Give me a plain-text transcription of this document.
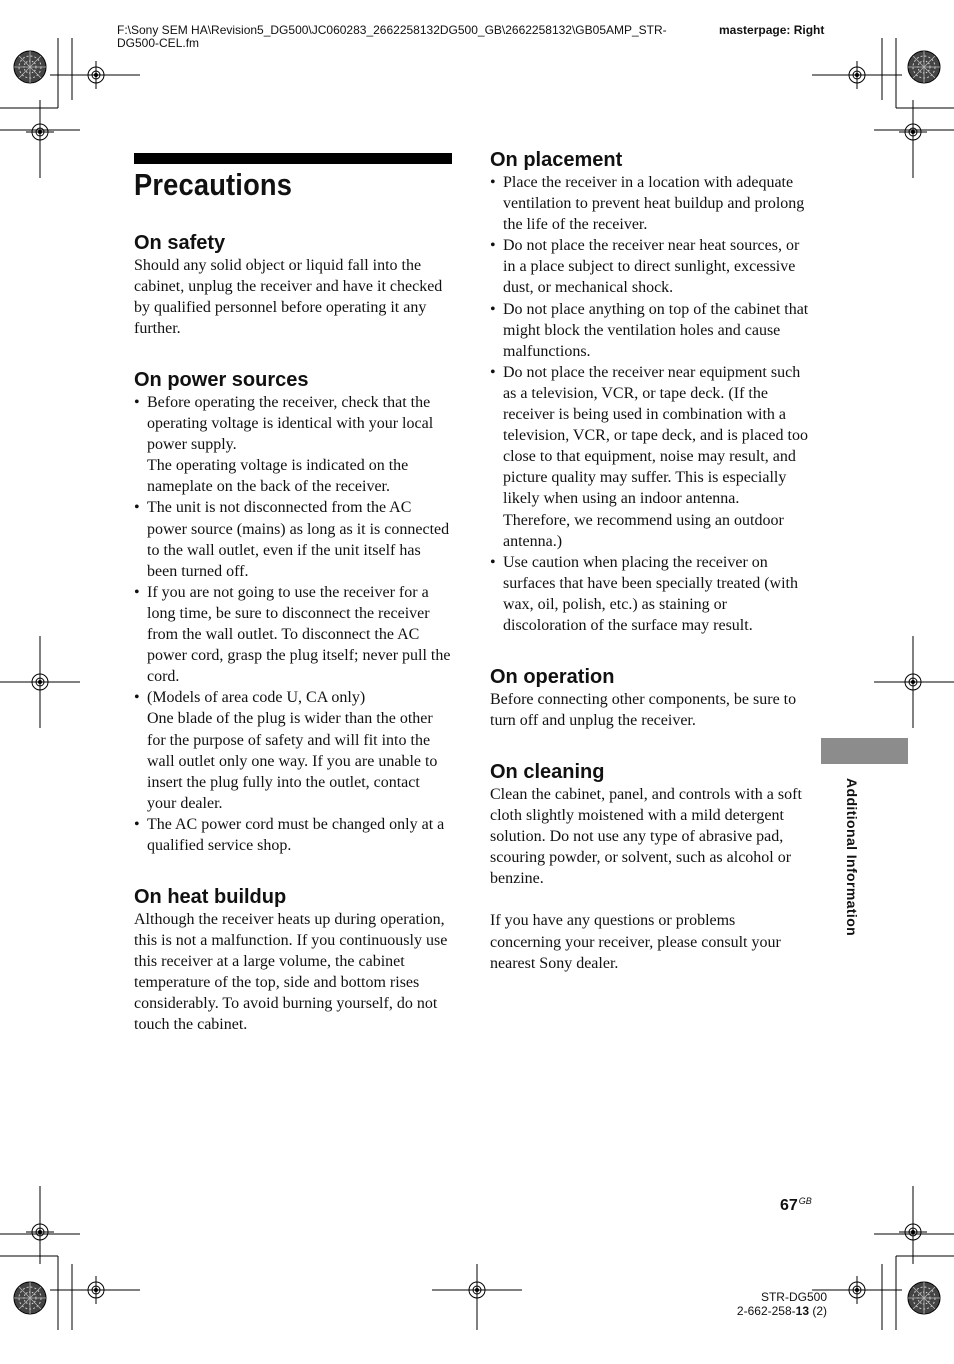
F:\Sony SEM HA\Revision5_DG500\JC060283_2662258132DG500_GB\2662258132\GB05AMP_STR-DG500-CEL.fm
masterpage: Right
Precautions
On safety

Should any solid object or liquid fall into the cabinet, unplug the receiver and have it checked by qualified personnel before operating it any further.

On power sources

• Before operating the receiver, check that the operating voltage is identical with your local power supply.

The operating voltage is indicated on the nameplate on the back of the receiver.

• The unit is not disconnected from the AC power source (mains) as long as it is connected to the wall outlet, even if the unit itself has been turned off.
• If you are not going to use the receiver for a long time, be sure to disconnect the receiver from the wall outlet. To disconnect the AC power cord, grasp the plug itself; never pull the cord.

• (Models of area code U, CA only)

One blade of the plug is wider than the other for the purpose of safety and will fit into the wall outlet only one way. If you are unable to insert the plug fully into the outlet, contact your dealer.

• The AC power cord must be changed only at a qualified service shop.
On heat buildup

Although the receiver heats up during operation, this is not a malfunction. If you continuously use this receiver at a large volume, the cabinet temperature of the top, side and bottom rises considerably. To avoid burning yourself, do not touch the cabinet.

On placement
• Place the receiver in a location with adequate ventilation to prevent heat buildup and prolong the life of the receiver.
• Do not place the receiver near heat sources, or in a place subject to direct sunlight, excessive dust, or mechanical shock.
• Do not place anything on top of the cabinet that might block the ventilation holes and cause malfunctions.
• Do not place the receiver near equipment such as a television, VCR, or tape deck. (If the receiver is being used in combination with a television, VCR, or tape deck, and is placed too close to that equipment, noise may result, and picture quality may suffer. This is especially likely when using an indoor antenna. Therefore, we recommend using an outdoor antenna.)
• Use caution when placing the receiver on surfaces that have been specially treated (with wax, oil, polish, etc.) as staining or discoloration of the surface may result.
On operation

Before connecting other components, be sure to turn off and unplug the receiver.

On cleaning

Clean the cabinet, panel, and controls with a soft cloth slightly moistened with a mild detergent solution. Do not use any type of abrasive pad, scouring powder, or solvent, such as alcohol or benzine.

If you have any questions or problems concerning your receiver, please consult your nearest Sony dealer.

Additional Information
$67^{GB}$
STR-DG500
2-662-258-13 (2)
